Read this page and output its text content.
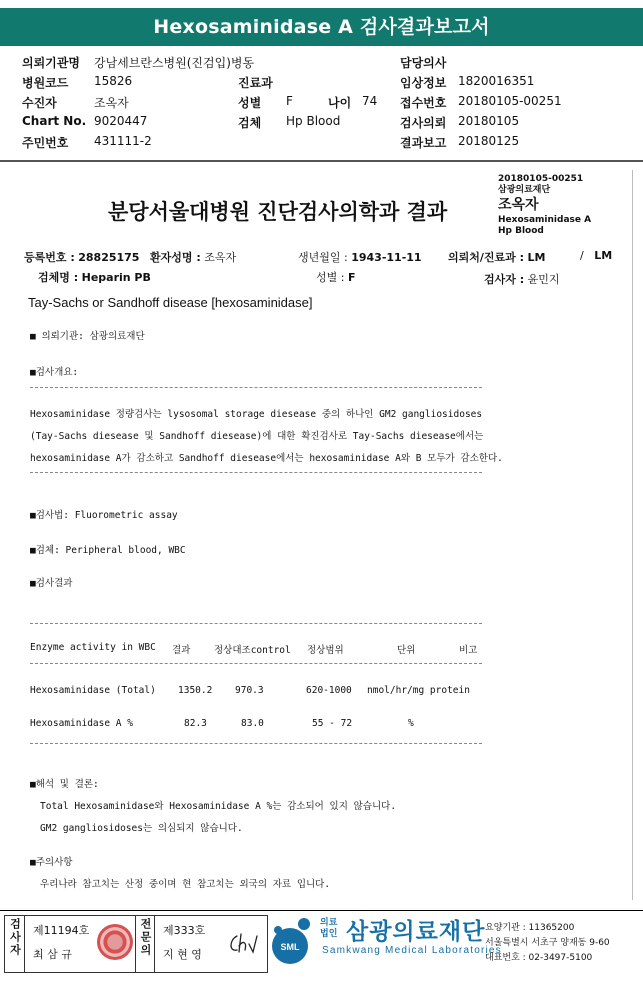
Hexosaminidase A 검사결과보고서
의뢰기관명 강남세브란스병원(진검입)병동	담당의사
병원코드 15826	진료과	임상정보 1820016351
수진자	조옥자	성별 F	나이 74 접수번호 20180105-00251
Chart No. 9020447	검체 Hp Blood	검사의뢰 20180105
주민번호 431111-2	결과보고 20180125
분당서울대병원 진단검사의학과 결과
20180105-00251
삼광의료재단
조옥자
Hexosaminidase A
Hp Blood
등록번호 : 28825175 환자성명 : 조옥자	생년월일 : 1943-11-11 의뢰처/진료과 : LM	/ LM
검체명 : Heparin PB	성별 : F	검사자 : 윤민지
Tay-Sachs or Sandhoff disease [hexosaminidase]
■ 의뢰기관: 삼광의료재단
■검사개요:
Hexosaminidase 정량검사는 lysosomal storage diesease 중의 하나인 GM2 gangliosidoses
(Tay-Sachs diesease 및 Sandhoff diesease)에 대한 확진검사로 Tay-Sachs diesease에서는
hexosaminidase A가 감소하고 Sandhoff diesease에서는 hexosaminidase A와 B 모두가 감소한다.
■검사법: Fluorometric assay
■검체: Peripheral blood, WBC
■검사결과
Enzyme activity in WBC 결과 정상대조control 정상범위	단위	비고
Hexosaminidase (Total) 1350.2 970.3	620-1000 nmol/hr/mg protein
Hexosaminidase A %	82.3	83.0	55 - 72	%
■해석 및 결론:
Total Hexosaminidase와 Hexosaminidase A %는 감소되어 있지 않습니다.
GM2 gangliosidoses는 의심되지 않습니다.
■주의사항
우리나라 참고치는 산정 중이며 현 참고치는 외국의 자료 입니다.
검사자	제11194호
최 삼 규	전문의 제333호
지 현 영
SML
의료법인 삼광의료재단
Samkwang Medical Laboratories
요양기관 : 11365200
서울특별시 서초구 양재동 9-60
대표번호 : 02-3497-5100
